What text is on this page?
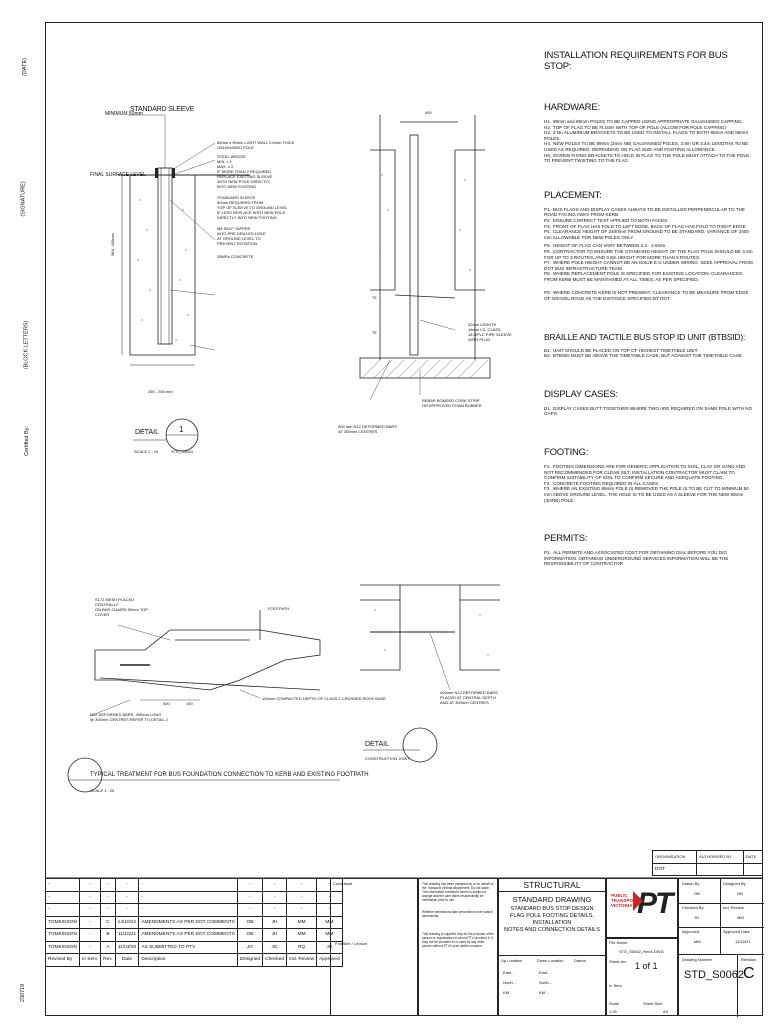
(DATE)
(SIGNATURE)
(BLOCK LETTERS)
Certified By:
230719
MINIMUM 50mm
STANDARD SLEEVE
FINAL SURFACE LEVEL
MIN. 400mm
250 - 300 mm
89mm x 90mm LIGHT WALL 2.6mm THICK
GALVANISED POLE
STEEL WEDGE
MIN. x 1
MAX. x 2
IF MORE THAN 2 REQUIRED
REPLACE EXISTING SLEEVE
WITH NEW POLE DIRECTLY
INTO NEW FOOTING
STANDARD SLEEVE
50mm REQUIRED FROM
TOP OF SLEEVE TO GROUND LEVEL
IF LESS REPLACE WITH NEW POLE
DIRECTLY INTO NEW FOOTING
M6 SELF TAPPER
INTO PRE DRILLED HOLE
AT GROUND LEVEL TO
PREVENT ROTATION
25MPa CONCRETE
DETAIL	1
SCALE 1 : 10	STD_S0063
450
75
75
32mm LENGTH
16mm I.D. CLASS
18 UPVC PIPE SLEEVE
WITH PLUG
REBAR BONDED CORK STRIP
OR APPROVED FOAM RUBBER
400 mm N12 DEFORMED BARS
AT 300mm CENTRES
SL72 MESH PLACED
CENTRALLY
ON BAR CHAIRS 50mm TOP
COVER
FOOTPATH
100mm COMPACTED DEPTH OF CLASS 2 CRUSHED ROCK BASE
N12 DEFORMED BARS, 400mm LONG
@ 300mm CENTRES REFER TO DETAIL 2
400	150
TYPICAL TREATMENT FOR BUS FOUNDATION CONNECTION TO KERB AND EXISTING FOOTPATH
SCALE 1 : 25
400mm N12 DEFORMED BARS
PLACED AT CENTRAL DEPTH
AND AT 300mm CENTRES
DETAIL
CONSTRUCTION JOINT
INSTALLATION REQUIREMENTS FOR BUS STOP:
HARDWARE:
H1. 89mm and 89mm POLES TO BE CAPPED USING APPROPRIATE GALVANISED CAPPING.
H2. TOP OF FLAG TO BE FLUSH WITH TOP OF POLE (ALLOW FOR POLE CAPPING)
H3. 2 No ALUMINIUM BRACKETS TO BE USED TO INSTALL FLAGS TO BOTH 89mm AND 89mm POLES.
H4. NEW POLES TO BE 89mm (3mm NB) GALVANISED POLES, 3.8m OR 3.4m LENGTHS TO BE USED AS REQUIRED. DEPENDING ON FLAG SIZE AND FOOTING ALLOWANCE.
H5. SCREW FIXING BRACKETS TO HOLD IN FLAG TO THE POLE MUST ATTACH TO THE POLE TO PREVENT TWISTING TO THE FLAG
PLACEMENT:
P1. BUS FLAGS AND DISPLAY CASES ALWAYS TO BE INSTALLED PERPENDICULAR TO THE ROAD FACING AWAY FROM KERB.
P2. ENSURE CORRECT TEXT APPLIED TO BOTH FACES.
P3. FRONT OF FLAG HAS FOLD TO LEFT EDGE, BACK OF FLAG HAS FOLD TO RIGHT EDGE
P4. CLEARANCE HEIGHT OF 2400mm FROM GROUND TO BE STANDARD. VARIANCE OF 2400 mm ALLOWABLE FOR NEW POLES ONLY.
P5. HEIGHT OF FLAG CAN VARY BETWEEN 2.4 - 2.6mm.
P6. CONTRACTOR TO ENSURE THE STANDARD HEIGHT OF THE FLAG POLE SHOULD BE 3.4m FOR UP TO 3 ROUTES, AND 3.8m HEIGHT FOR MORE THAN 3 ROUTES.
P7. WHERE POLE HEIGHT CANNOT BE AN ISSUE E.G UNDER WIRING, SEEK APPROVAL FROM DOT BUS INFRASTRUCTURE TEAM.
P8. WHERE REPLACEMENT POLE IS SPECIFIED FOR EXISTING LOCATION, CLEARANCES FROM KERB MUST BE MAINTAINED AT ALL TIMES, AS PER SPECIFIED.
P9. WHERE CONCRETE KERB IS NOT PRESENT, CLEARANCE TO BE MEASURE FROM EDGE OF GRAVEL ROAD AS THE DISTANCE SPECIFIED BY DOT.
BRAILLE AND TACTILE BUS STOP ID UNIT (BTBSID):
B1. UNIT SHOULD BE PLACED ON TOP OF HIGHEST TIMETABLE UNIT.
B2. BTBSID MUST BE ABOVE THE TIMETABLE CASE, BUT AGAINST THE TIMETABLE CASE.
DISPLAY CASES:
D1. DISPLAY CASES BUTT TOGETHER WHERE TWO ARE REQUIRED ON SAME POLE WITH NO GAPS.
FOOTING:
F1. FOOTING DIMENSIONS ARE FOR GENERIC APPLICATION TO SOIL, CLAY OR SAND AND NOT RECOMMENDED FOR CLEAN SILT. INSTALLATION CONTRACTOR MUST CLAIM TO CONFIRM SUITABILITY OF SOIL TO CONFIRM SECURE AND ADEQUATE FOOTING.
F2. CONCRETE FOOTING REQUIRED IN ALL CASES
F3. WHERE AN EXISTING 89mm POLE IS REMOVED THE POLE IS TO BE CUT TO MINIMUM 50 mm ABOVE GROUND LEVEL. THE HOLE IS TO BE USED AS A SLEEVE FOR THE NEW 89mm (3mNB) POLE.
PERMITS:
P1. ALL PERMITS AND ASSOCIATED COST FOR OBTAINING DIAL BEFORE YOU DIG INFORMATION. OBTAINING UNDERGROUND SERVICES INFORMATION WILL BE THE RESPONSIBILITY OF CONTRACTOR
ORGANISATION	AUTHORISED BY	DATE
DOT		
-	-	-	-	-	-	-	-	-
-	-	-	-	-	-	-	-	-
-	-	-	-	-	-	-	-	-
TOMKINSON	-	C	14/10/21	AMENDMENTS AS PER DOT COMMENTS	OB	JH	MM	MM
TOMKINSON	-	B	11/10/21	AMENDMENTS AS PER DOT COMMENTS	OB	JH	MM	MM
TOMKINSON	-	A	11/03/20	AS SUBMITTED TO PTV	JG	JG	RQ	JG
Revised By	In Serv.	Rev.	Date	Description	Designed	Checked	Ind. Review	Approved
Consultant
Frontline / Leoson
This drawing has been prepared by or on behalf of the Transport Victoria department. Do not scale. The information contained herein is subject to change and the user takes responsibility for verification prior to use.
Whether dimensions take precedence over scaled dimensions.
This drawing is supplied only for the purpose of the person or organisation to whom PTV provided it. It may not be provided to or used by any other person without PTV's prior written consent.
STRUCTURAL
STANDARD DRAWING
STANDARD BUS STOP DESIGN
FLAG POLE FOOTING DETAILS, INSTALLATION
NOTES AND CONNECTION DETAILS
PUBLIC
TRANSPORT
VICTORIA PT
File Name
STD_S0062_RevA.DWG
Sheet No. 1 of 1
In Serv.
Scale
1:25
Sheet Size
A3
Up Location	Down Location	Datum
East. -
North. -
KM. -
East. -
North. -
KM. -
Drawn By
OB
Designed By
OB
Checked By
JH
Ind. Review
MM
Approved
MM
Approved Date
12/10/21
Drawing Number	Revision
STD_S0062 C
